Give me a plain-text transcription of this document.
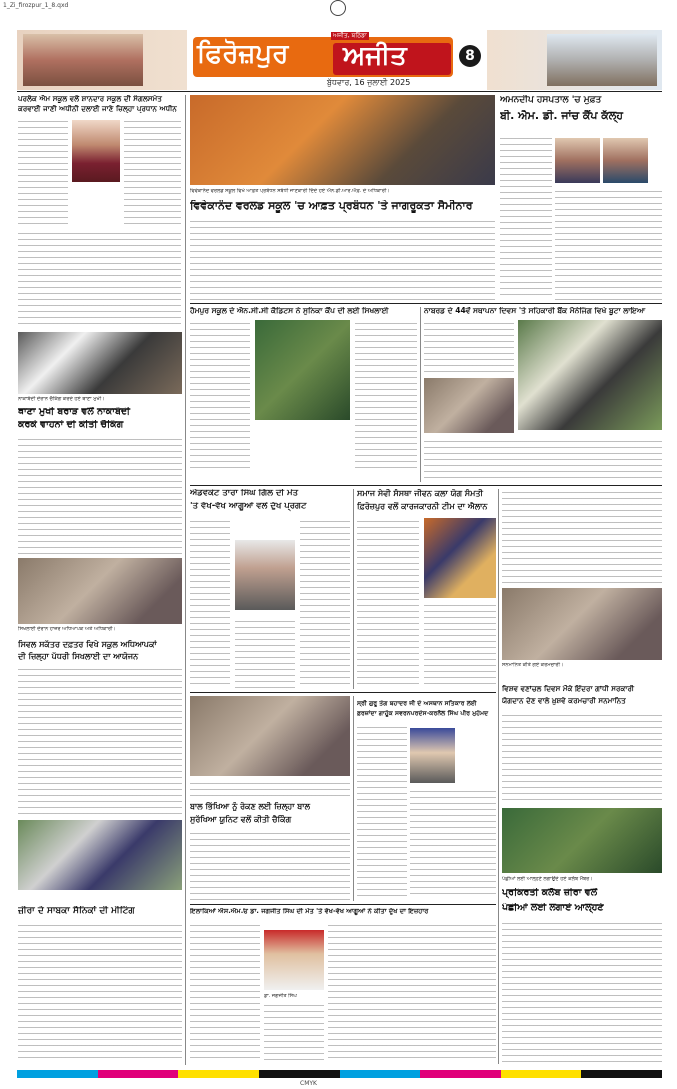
1_Zi_firozpur_1_8.qxd
ਫਿਰੋਜ਼ਪੁਰ ਅਜੀਤ
ਅਜੀਤ, ਬਠਿੰਡਾ
ਬੁੱਧਵਾਰ, 16 ਜੁਲਾਈ 2025
8
ਪਰਲੋਕ ਐਮ ਸਕੂਲ ਵਲੋਂ ਸ਼ਾਨਦਾਰ ਸਕੂਲ ਦੀ ਸੰਗਲਸਮੇਤ
ਕਰਵਾਈ ਜਾਣੀ ਅਧੀਨੀ ਦਲਾਈ ਜਾਣੇ ਜ਼ਿਲ੍ਹਾ ਪ੍ਰਧਾਨ ਅਧੀਨ
ਨਾਕਾਬੰਦੀ ਦੌਰਾਨ ਚੈਕਿੰਗ ਕਰਦੇ ਹੋਏ ਥਾਣਾ ਮੁਖੀ।
ਥਾਣਾ ਮੁਖੀ ਬਰਾੜ ਵਲੋਂ ਨਾਕਾਬੰਦੀ
ਕਰਕੇ ਵਾਹਨਾਂ ਦੀ ਕੀਤੀ ਚੈਕਿੰਗ
ਸਿਖਲਾਈ ਦੌਰਾਨ ਹਾਜ਼ਰ ਅਧਿਆਪਕ ਅਤੇ ਅਧਿਕਾਰੀ।
ਸਿਵਲ ਸਕੱਤਰ ਦਫ਼ਤਰ ਵਿਖੇ ਸਕੂਲ ਅਧਿਆਪਕਾਂ
ਦੀ ਜ਼ਿਲ੍ਹਾ ਪੱਧਰੀ ਸਿਖਲਾਈ ਦਾ ਆਯੋਜਨ
ਜ਼ੀਰਾ ਦੇ ਸਾਬਕਾ ਸੈਨਿਕਾਂ ਦੀ ਮੀਟਿੰਗ
ਵਿਵੇਕਾਨੰਦ ਵਰਲਡ ਸਕੂਲ ਵਿਖੇ ਆਫ਼ਤ ਪ੍ਰਬੰਧਨ ਸਬੰਧੀ ਜਾਣਕਾਰੀ ਦਿੰਦੇ ਹੋਏ ਐਨ.ਡੀ.ਆਰ.ਐਫ਼. ਦੇ ਅਧਿਕਾਰੀ।
ਵਿਵੇਕਾਨੰਦ ਵਰਲਡ ਸਕੂਲ 'ਚ ਆਫ਼ਤ ਪ੍ਰਬੰਧਨ 'ਤੇ ਜਾਗਰੂਕਤਾ ਸੈਮੀਨਾਰ
ਅਮਨਦੀਪ ਹਸਪਤਾਲ 'ਚ ਮੁਫ਼ਤ
ਬੀ. ਐਮ. ਡੀ. ਜਾਂਚ ਕੈਂਪ ਕੱਲ੍ਹ
ਹੈਮਪੁਰ ਸਕੂਲ ਦੇ ਐਨ.ਸੀ.ਸੀ ਕੈਡਿਟਸ ਨੇ ਸੁਨਿਕਾ ਕੈਂਪ ਦੀ ਲਈ ਸਿਖਲਾਈ	ਨਾਬਰਡ ਦੇ 44ਵੇਂ ਸਥਾਪਨਾ ਦਿਵਸ 'ਤੇ ਸਹਿਕਾਰੀ ਬੈਂਕ ਮੈਨੇਜਿੰਗ ਵਿਖੇ ਬੂਟਾ ਲਾਇਆ
ਐਡਵੋਕੇਟ ਤਾਰਾ ਸਿੰਘ ਗਿੱਲ ਦੀ ਮੌਤ
'ਤੇ ਵੱਖ-ਵੱਖ ਆਗੂਆਂ ਵਲੋਂ ਦੁੱਖ ਪ੍ਰਗਟ
ਸਮਾਜ ਸੇਵੀ ਸੰਸਥਾ ਜੀਵਨ ਕਲਾ ਯੋਗ ਸੰਮਤੀ
ਫ਼ਿਰੋਜ਼ਪੁਰ ਵਲੋਂ ਕਾਰਜਕਾਰਨੀ ਟੀਮ ਦਾ ਐਲਾਨ
ਸਨਮਾਨਿਤ ਕੀਤੇ ਗਏ ਕਰਮਚਾਰੀ।
ਵਿਸ਼ਵ ਵਣਾਂਚਲ ਦਿਵਸ ਮੌਕੇ ਇੰਦਰਾ ਗਾਂਧੀ ਸਰਕਾਰੀ
ਯੋਗਦਾਨ ਦੇਣ ਵਾਲੇ ਖ਼ੁਸ਼ਵੇ ਕਰਮਚਾਰੀ ਸਨਮਾਨਿਤ
ਬਾਲ ਭਿੱਖਿਆ ਨੂੰ ਰੋਕਣ ਲਈ ਜ਼ਿਲ੍ਹਾ ਬਾਲ
ਸੁਰੱਖਿਆ ਯੂਨਿਟ ਵਲੋਂ ਕੀਤੀ ਚੈਕਿੰਗ
ਸ੍ਰੀ ਗੁਰੂ ਤੇਗ ਬਹਾਦਰ ਜੀ ਦੇ ਅਸਥਾਨ ਸਤਿਕਾਰ ਲਈ
ਫ਼ਰਜ਼ਾਂਦਾ ਗਾਹੂੰਕ ਸਵਰਨਪਰਦੇਸ-ਕਰਨੈਲ ਸਿੰਘ ਪੀਰ ਮੁਹੰਮਦ
ਪੰਛੀਆਂ ਲਈ ਆਲ੍ਹਣੇ ਲਗਾਉਂਦੇ ਹੋਏ ਕਲੱਬ ਮੈਂਬਰ।
ਪ੍ਰਕਿਰਤੀ ਕਲੱਬ ਜ਼ੀਰਾ ਵਲੋਂ
ਪੰਛੀਆਂ ਲਈ ਲਗਾਏ ਆਲ੍ਹਣੇ
ਇਲਾਕਿਆਂ ਐਸ.ਐਮ.ਓ ਡਾ. ਜਗਜੀਤ ਸਿੰਘ ਦੀ ਮੌਤ 'ਤੇ ਵੱਖ-ਵੱਖ ਆਗੂਆਂ ਨੇ ਕੀਤਾ ਦੁੱਖ ਦਾ ਇਜ਼ਹਾਰ
ਡਾ. ਜਗਜੀਤ ਸਿੰਘ
CMYK
